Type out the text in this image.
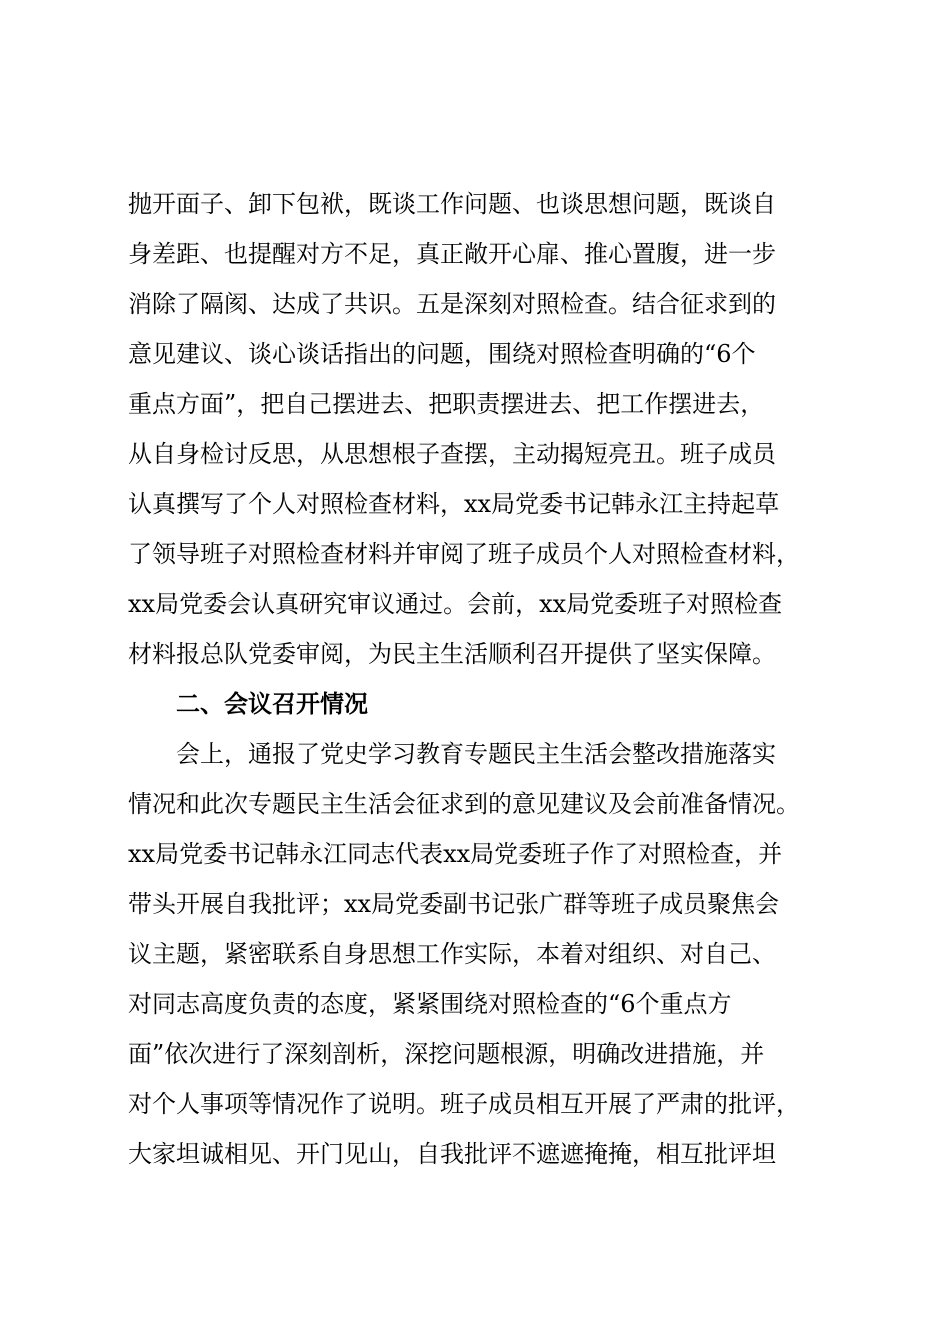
抛开面子、卸下包袱，既谈工作问题、也谈思想问题，既谈自
身差距、也提醒对方不足，真正敞开心扉、推心置腹，进一步
消除了隔阂、达成了共识。五是深刻对照检查。结合征求到的
意见建议、谈心谈话指出的问题，围绕对照检查明确的“6个
重点方面”，把自己摆进去、把职责摆进去、把工作摆进去，
从自身检讨反思，从思想根子查摆，主动揭短亮丑。班子成员
认真撰写了个人对照检查材料，xx局党委书记韩永江主持起草
了领导班子对照检查材料并审阅了班子成员个人对照检查材料，
xx局党委会认真研究审议通过。会前，xx局党委班子对照检查
材料报总队党委审阅，为民主生活顺利召开提供了坚实保障。
二、会议召开情况
会上，通报了党史学习教育专题民主生活会整改措施落实
情况和此次专题民主生活会征求到的意见建议及会前准备情况。
xx局党委书记韩永江同志代表xx局党委班子作了对照检查，并
带头开展自我批评；xx局党委副书记张广群等班子成员聚焦会
议主题，紧密联系自身思想工作实际，本着对组织、对自己、
对同志高度负责的态度，紧紧围绕对照检查的“6个重点方
面”依次进行了深刻剖析，深挖问题根源，明确改进措施，并
对个人事项等情况作了说明。班子成员相互开展了严肃的批评，
大家坦诚相见、开门见山，自我批评不遮遮掩掩，相互批评坦
